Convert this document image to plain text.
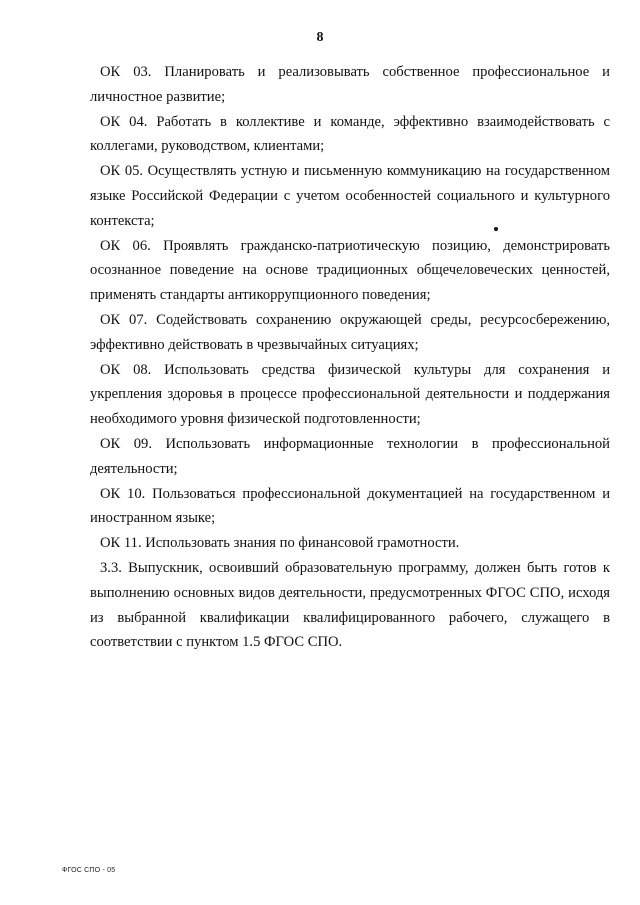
8

ОК 03. Планировать и реализовывать собственное профессиональное и личностное развитие;

ОК 04. Работать в коллективе и команде, эффективно взаимодействовать с коллегами, руководством, клиентами;

ОК 05. Осуществлять устную и письменную коммуникацию на государственном языке Российской Федерации с учетом особенностей социального и культурного контекста;

ОК 06. Проявлять гражданско-патриотическую позицию, демонстрировать осознанное поведение на основе традиционных общечеловеческих ценностей, применять стандарты антикоррупционного поведения;

ОК 07. Содействовать сохранению окружающей среды, ресурсосбережению, эффективно действовать в чрезвычайных ситуациях;

ОК 08. Использовать средства физической культуры для сохранения и укрепления здоровья в процессе профессиональной деятельности и поддержания необходимого уровня физической подготовленности;

ОК 09. Использовать информационные технологии в профессиональной деятельности;

ОК 10. Пользоваться профессиональной документацией на государственном и иностранном языке;

ОК 11. Использовать знания по финансовой грамотности.

3.3. Выпускник, освоивший образовательную программу, должен быть готов к выполнению основных видов деятельности, предусмотренных ФГОС СПО, исходя из выбранной квалификации квалифицированного рабочего, служащего в соответствии с пунктом 1.5 ФГОС СПО.

ФГОС СПО - 05
